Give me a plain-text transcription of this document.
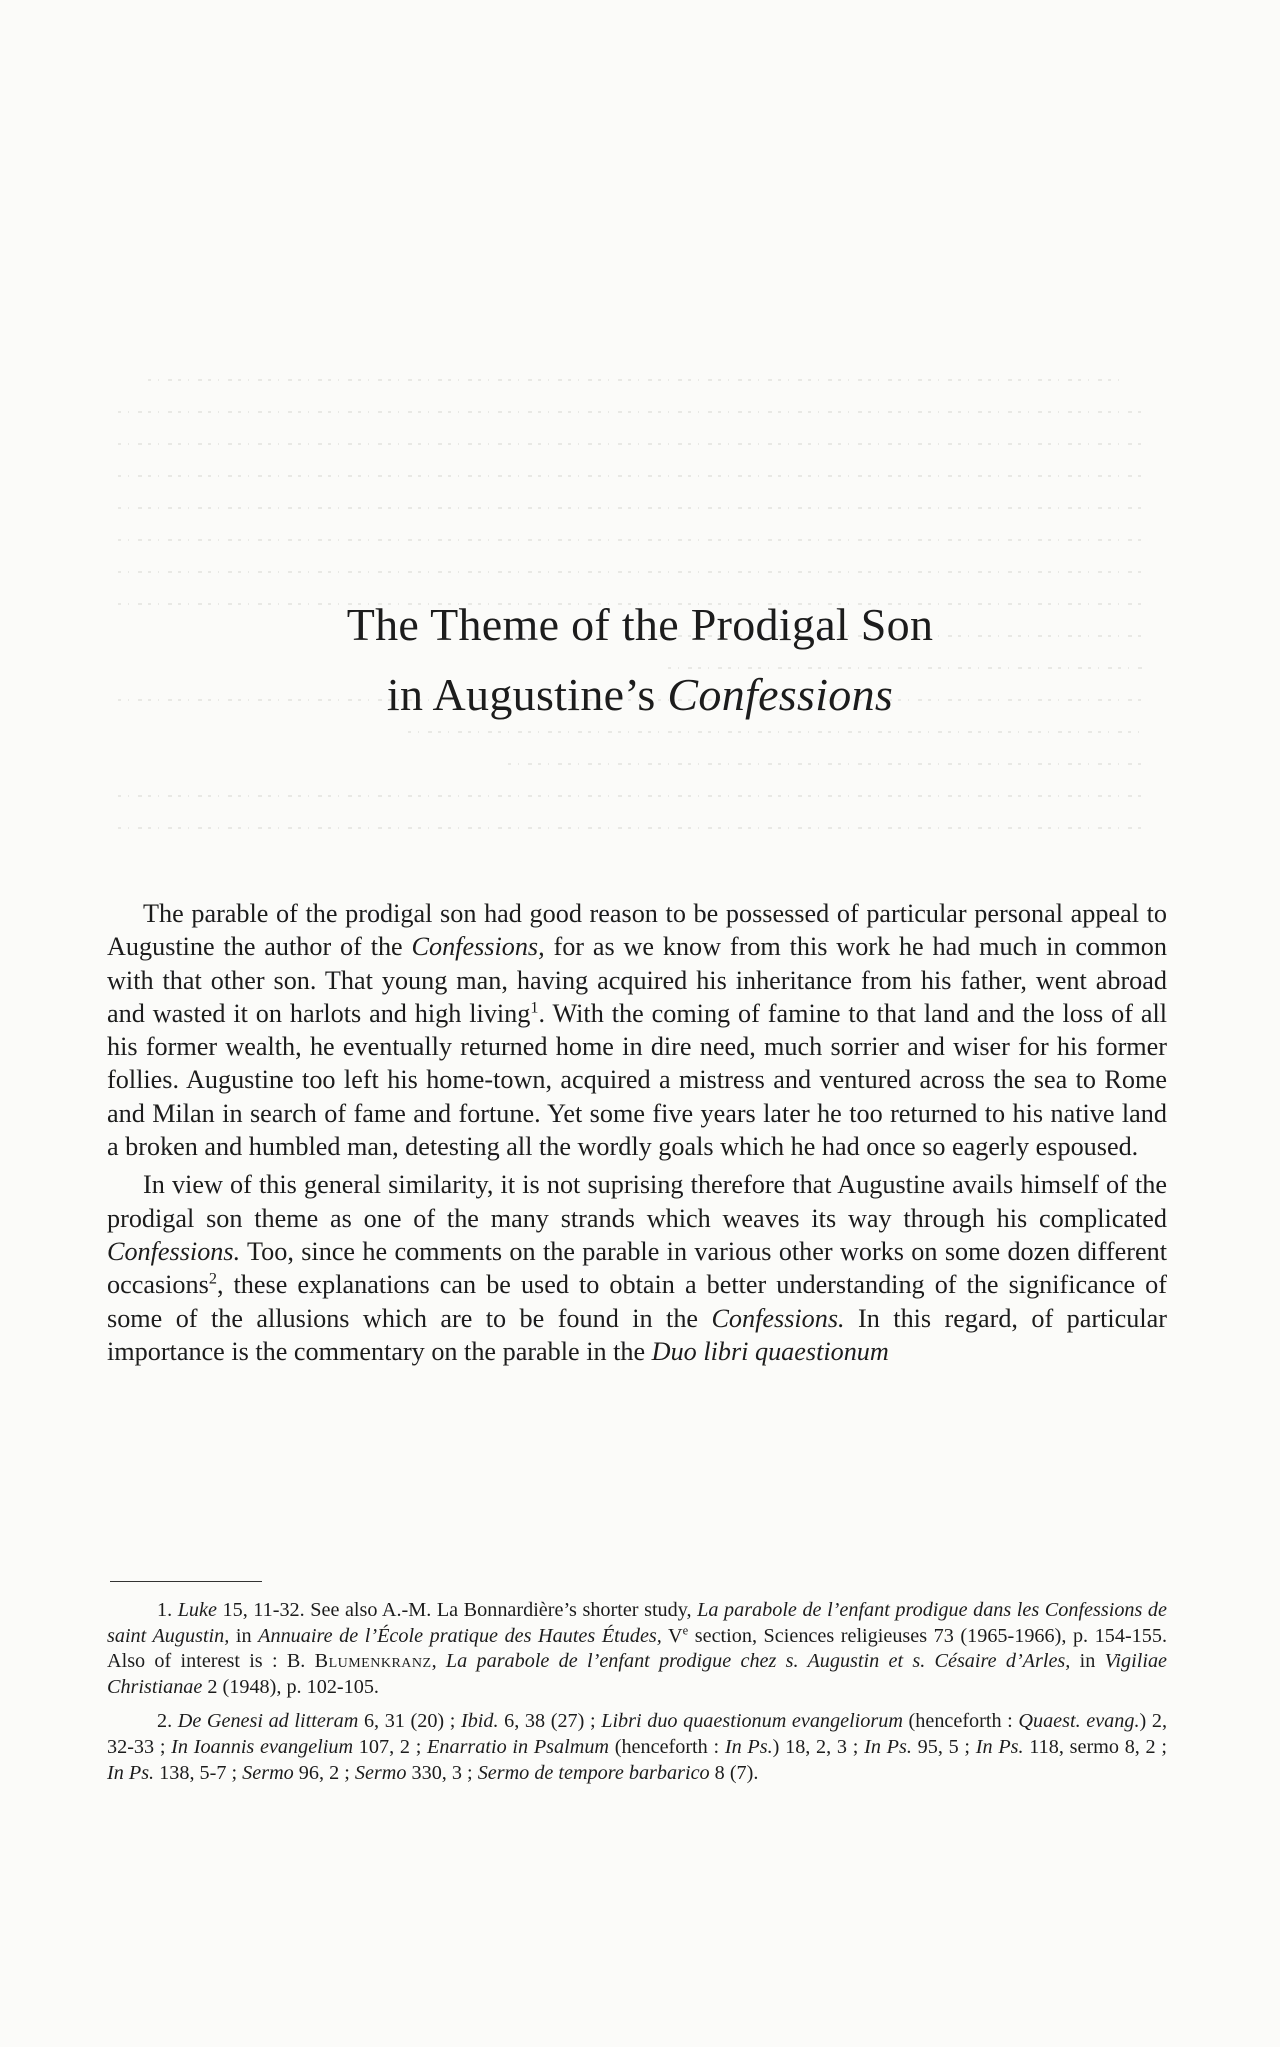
The Theme of the Prodigal Son
in Augustine’s Confessions

The parable of the prodigal son had good reason to be possessed of particular personal appeal to Augustine the author of the Confessions, for as we know from this work he had much in common with that other son. That young man, having acquired his inheritance from his father, went abroad and wasted it on harlots and high living$^1$. With the coming of famine to that land and the loss of all his former wealth, he eventually returned home in dire need, much sorrier and wiser for his former follies. Augustine too left his home-town, acquired a mistress and ventured across the sea to Rome and Milan in search of fame and fortune. Yet some five years later he too returned to his native land a broken and humbled man, detesting all the wordly goals which he had once so eagerly espoused.

In view of this general similarity, it is not suprising therefore that Augustine avails himself of the prodigal son theme as one of the many strands which weaves its way through his complicated Confessions. Too, since he comments on the parable in various other works on some dozen different occasions$^2$, these explanations can be used to obtain a better understanding of the significance of some of the allusions which are to be found in the Confessions. In this regard, of particular importance is the commentary on the parable in the Duo libri quaestionum

1. Luke 15, 11-32. See also A.-M. La Bonnardière’s shorter study, La parabole de l’enfant prodigue dans les Confessions de saint Augustin, in Annuaire de l’École pratique des Hautes Études, Ve section, Sciences religieuses 73 (1965-1966), p. 154-155. Also of interest is : B. Blumenkranz, La parabole de l’enfant prodigue chez s. Augustin et s. Césaire d’Arles, in Vigiliae Christianae 2 (1948), p. 102-105.

2. De Genesi ad litteram 6, 31 (20) ; Ibid. 6, 38 (27) ; Libri duo quaestionum evangeliorum (henceforth : Quaest. evang.) 2, 32-33 ; In Ioannis evangelium 107, 2 ; Enarratio in Psalmum (henceforth : In Ps.) 18, 2, 3 ; In Ps. 95, 5 ; In Ps. 118, sermo 8, 2 ; In Ps. 138, 5-7 ; Sermo 96, 2 ; Sermo 330, 3 ; Sermo de tempore barbarico 8 (7).
